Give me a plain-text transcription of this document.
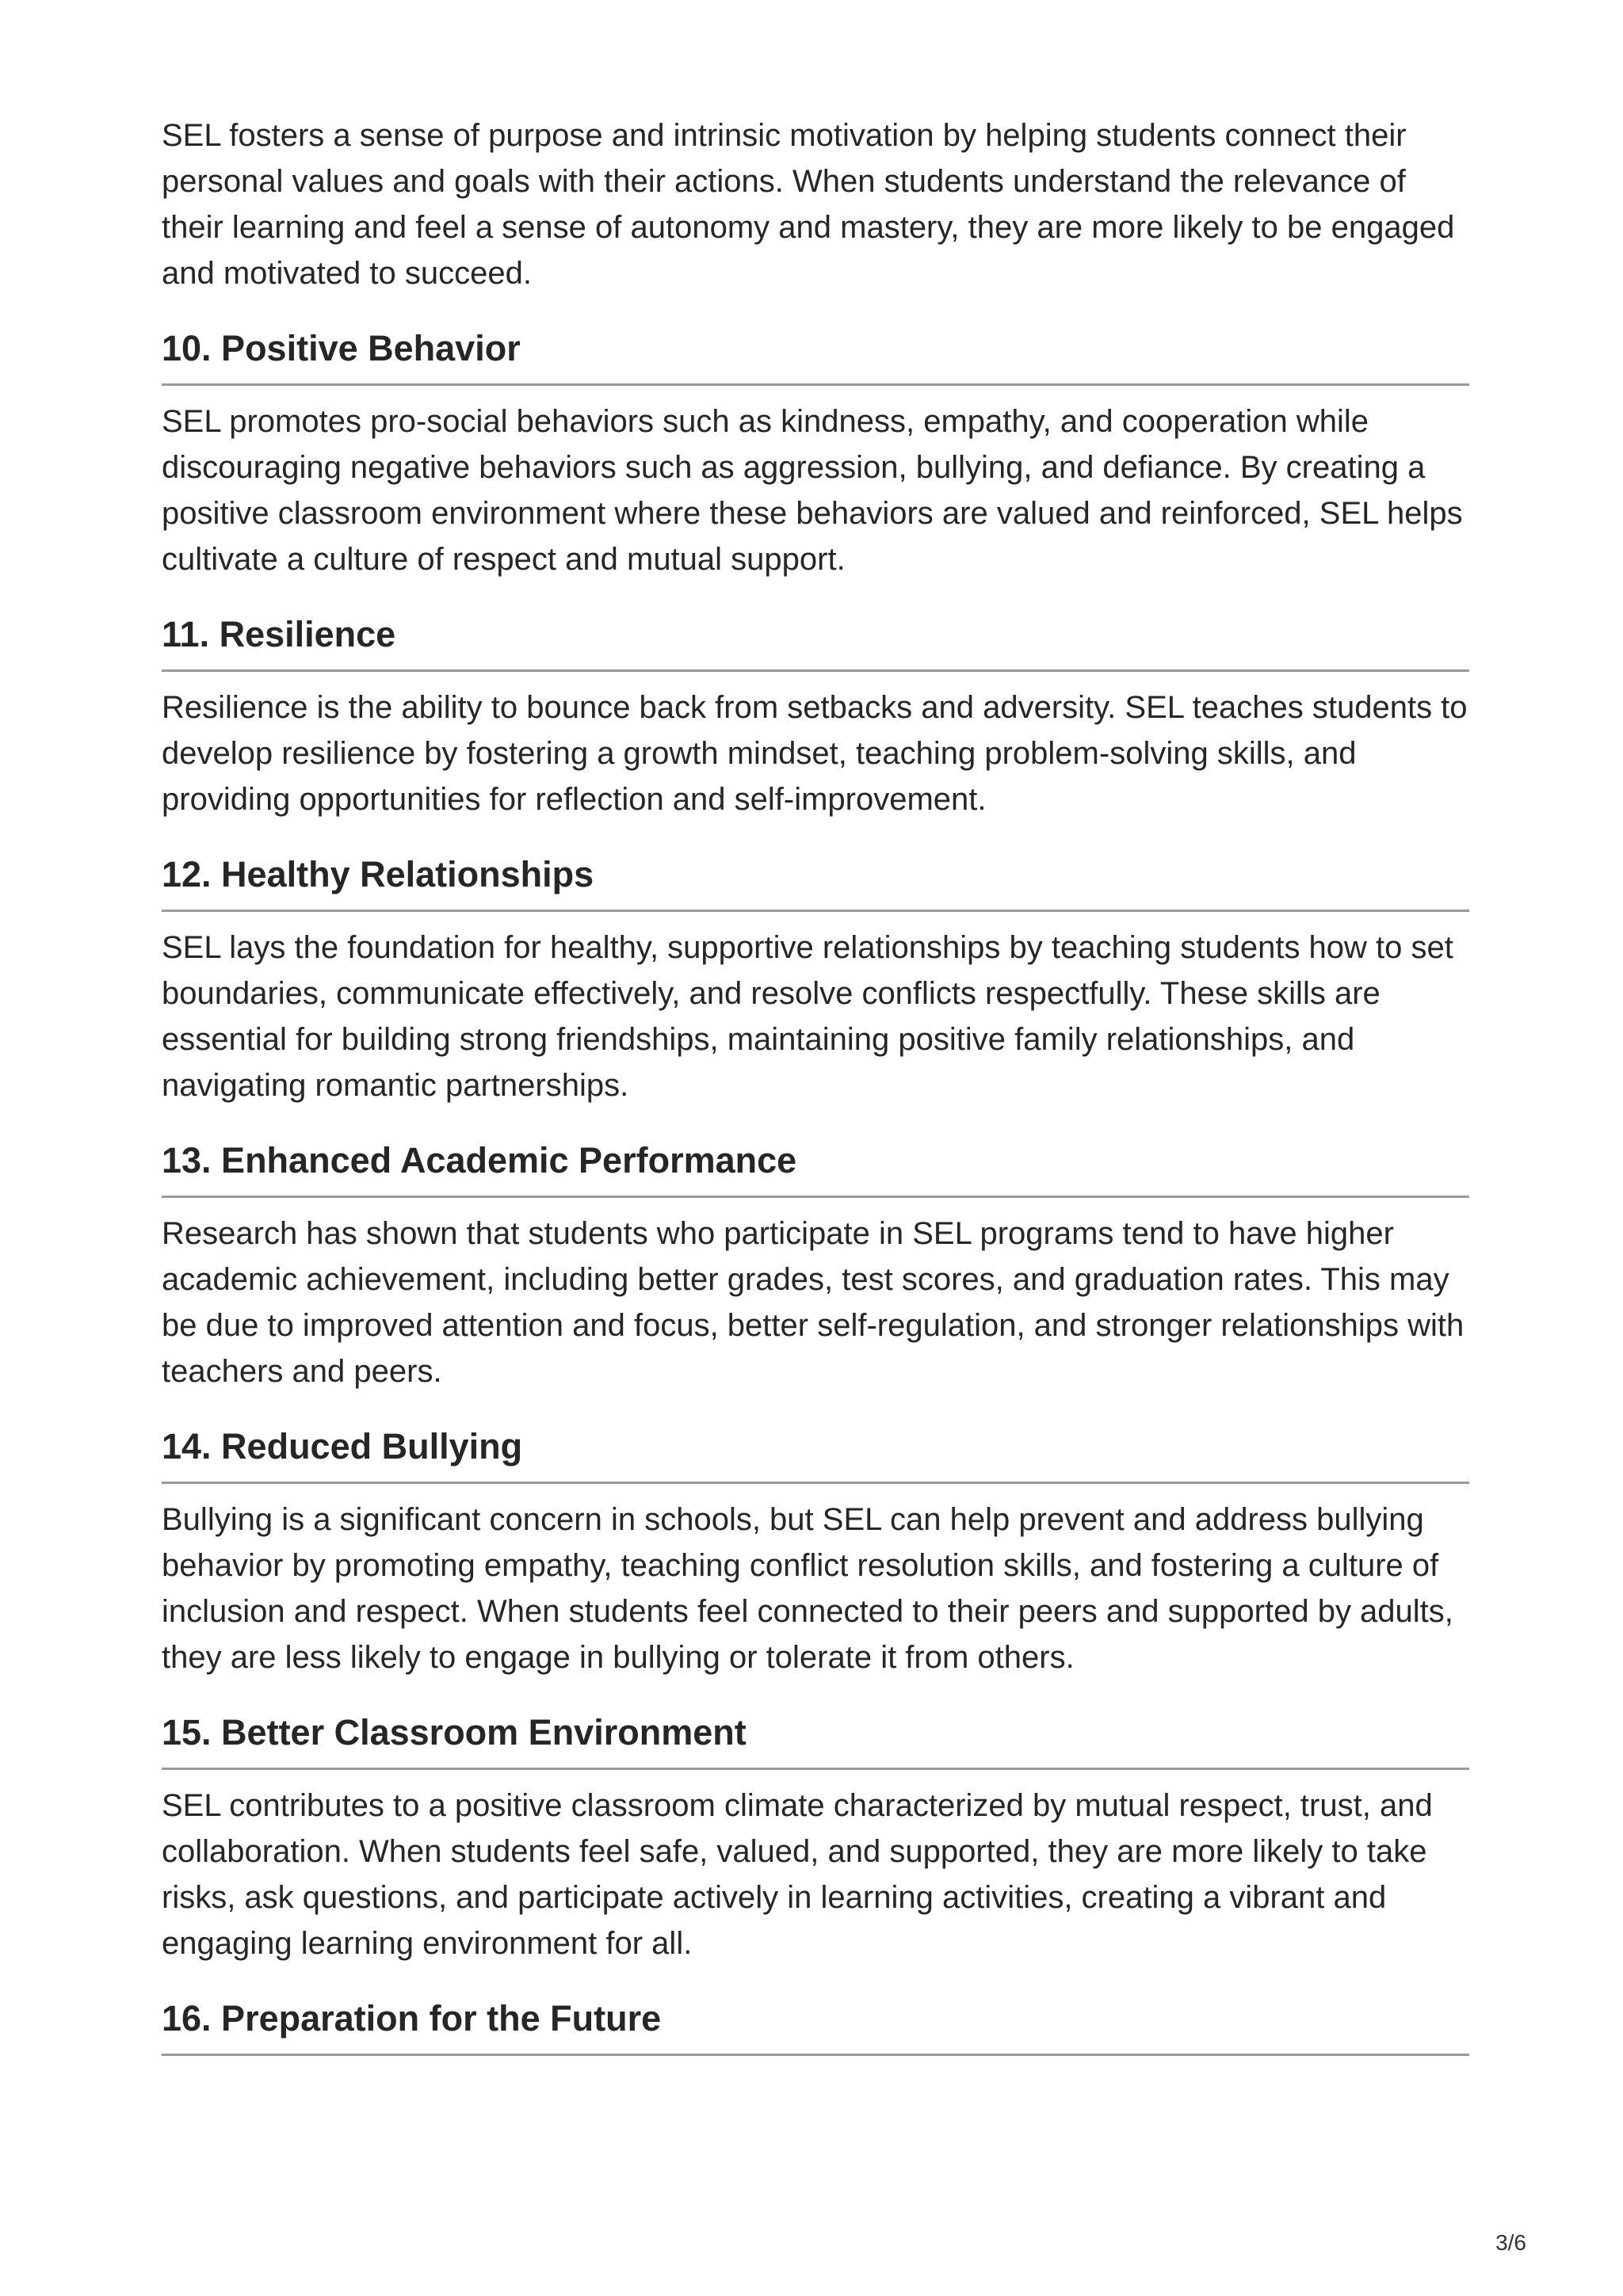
SEL fosters a sense of purpose and intrinsic motivation by helping students connect their personal values and goals with their actions. When students understand the relevance of their learning and feel a sense of autonomy and mastery, they are more likely to be engaged and motivated to succeed.

10. Positive Behavior

SEL promotes pro-social behaviors such as kindness, empathy, and cooperation while discouraging negative behaviors such as aggression, bullying, and defiance. By creating a positive classroom environment where these behaviors are valued and reinforced, SEL helps cultivate a culture of respect and mutual support.

11. Resilience

Resilience is the ability to bounce back from setbacks and adversity. SEL teaches students to develop resilience by fostering a growth mindset, teaching problem-solving skills, and providing opportunities for reflection and self-improvement.

12. Healthy Relationships

SEL lays the foundation for healthy, supportive relationships by teaching students how to set boundaries, communicate effectively, and resolve conflicts respectfully. These skills are essential for building strong friendships, maintaining positive family relationships, and navigating romantic partnerships.

13. Enhanced Academic Performance

Research has shown that students who participate in SEL programs tend to have higher academic achievement, including better grades, test scores, and graduation rates. This may be due to improved attention and focus, better self-regulation, and stronger relationships with teachers and peers.

14. Reduced Bullying

Bullying is a significant concern in schools, but SEL can help prevent and address bullying behavior by promoting empathy, teaching conflict resolution skills, and fostering a culture of inclusion and respect. When students feel connected to their peers and supported by adults, they are less likely to engage in bullying or tolerate it from others.

15. Better Classroom Environment

SEL contributes to a positive classroom climate characterized by mutual respect, trust, and collaboration. When students feel safe, valued, and supported, they are more likely to take risks, ask questions, and participate actively in learning activities, creating a vibrant and engaging learning environment for all.

16. Preparation for the Future
3/6
